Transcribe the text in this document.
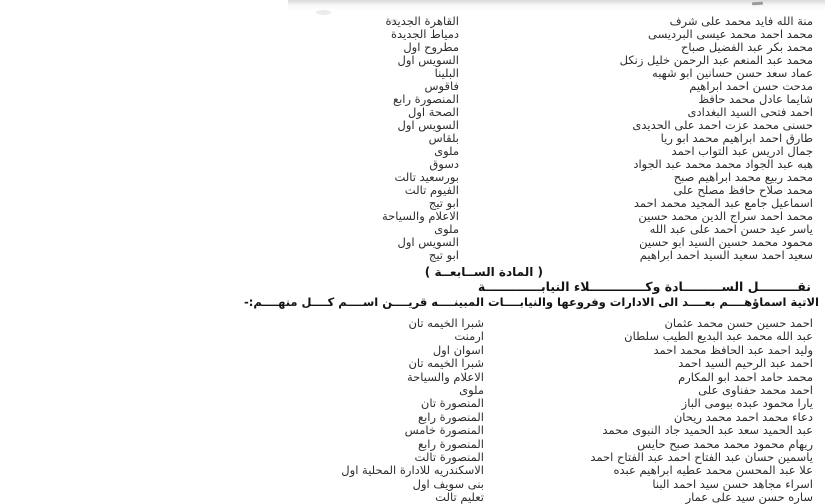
منة الله فايد محمد على شرف
القاهرة الجديدة
محمد احمد محمد عيسى البرديسى
دمياط الجديدة
محمد بكر عبد الفضيل صباح
مطروح اول
محمد عبد المنعم عبد الرحمن خليل زنكل
السويس اول
عماد سعد حسن حسانين ابو شهبه
البلينا
مدحت حسن احمد ابراهيم
فاقوس
شايما عادل محمد حافظ
المنصورة رابع
احمد فتحى السيد البغدادى
الصحة اول
حسنى محمد عزت احمد على الحديدى
السويس اول
طارق احمد ابراهيم محمد ابو ريا
بلقاس
جمال ادريس عبد التواب احمد
ملوى
هبه عبد الجواد محمد محمد عبد الجواد
دسوق
محمد ربيع محمد ابراهيم صبح
بورسعيد تالت
محمد صلاح حافظ مصلح على
الفيوم تالت
اسماعيل جامع عبد المجيد محمد احمد
ابو تيج
محمد احمد سراج الدين محمد حسين
الاعلام والسياحة
ياسر عيد حسن احمد على عبد الله
ملوى
محمود محمد حسين السيد ابو حسين
السويس اول
سعيد احمد سعيد السيد احمد ابراهيم
ابو تيج
( المادة الســابعــة )
نقـــــــــل الســـــــــادة وكـــــــــــــلاء النيابـــــــــــــة
الاتية اسماؤهــــم بعــــد الى الادارات وفروعها والنيابــــات المبينــــه قريــــن اســــم كــــل منهــــم:-
احمد حسين حسن محمد عثمان
شبرا الخيمه تان
عبد الله محمد عبد البديع الطيب سلطان
ارمنت
وليد احمد عبد الحافظ محمد احمد
اسوان اول
احمد عبد الرحيم السيد احمد
شبرا الخيمه تان
محمد حامد احمد ابو المكارم
الاعلام والسياحة
احمد محمد حفناوى على
ملوى
يارا محمود عبده بيومى الباز
المنصورة تان
دعاء محمد احمد محمد ريحان
المنصورة رابع
عبد الحميد سعد عبد الحميد جاد النبوى محمد
المنصورة خامس
ريهام محمود محمد محمد صبح حايس
المنصورة رابع
ياسمين حسان عبد الفتاح احمد عبد الفتاح احمد
المنصورة تالت
علا عبد المحسن محمد عطيه ابراهيم عبده
الاسكندريه للادارة المحلية اول
اسراء مجاهد حسن سيد احمد البنا
بنى سويف اول
ساره حسن سيد على عمار
تعليم تالت
